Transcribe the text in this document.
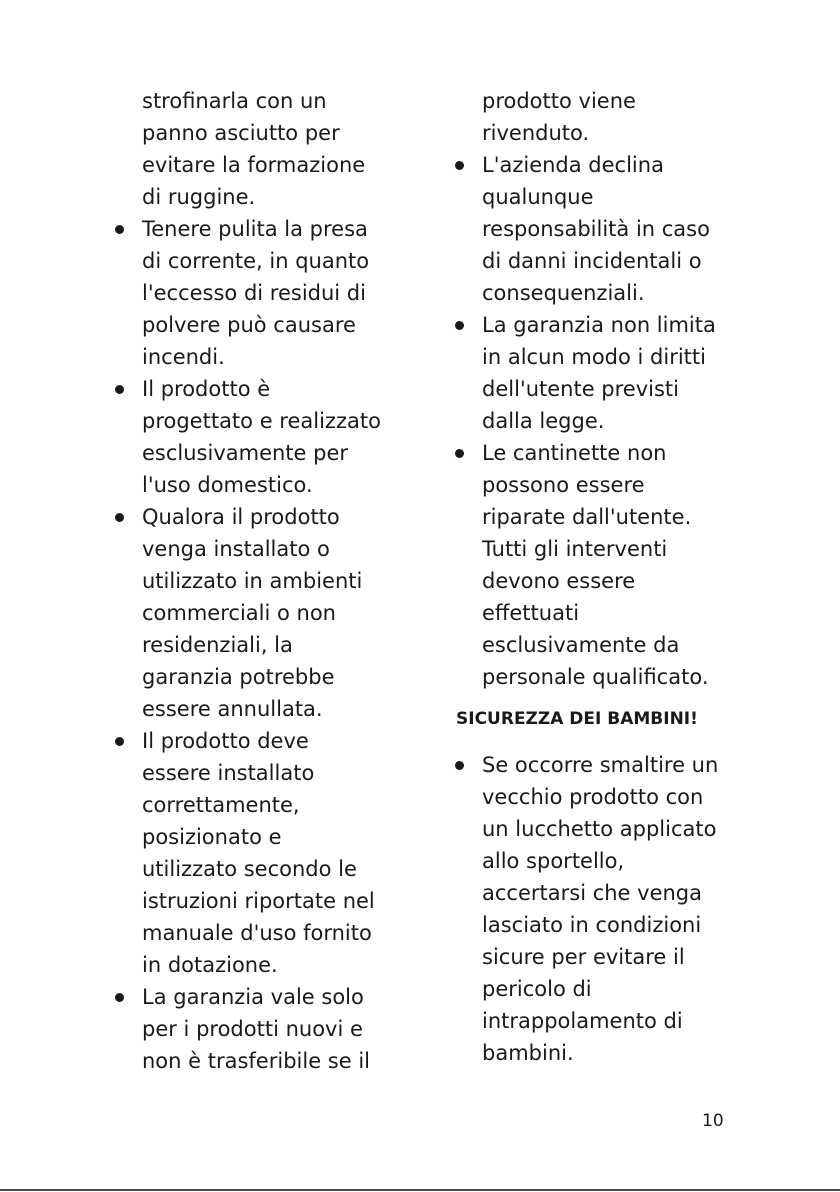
strofinarla con un
panno asciutto per
evitare la formazione
di ruggine.

Tenere pulita la presa
di corrente, in quanto
l'eccesso di residui di
polvere può causare
incendi.
Il prodotto è
progettato e realizzato
esclusivamente per
l'uso domestico.
Qualora il prodotto
venga installato o
utilizzato in ambienti
commerciali o non
residenziali, la
garanzia potrebbe
essere annullata.
Il prodotto deve
essere installato
correttamente,
posizionato e
utilizzato secondo le
istruzioni riportate nel
manuale d'uso fornito
in dotazione.
La garanzia vale solo
per i prodotti nuovi e
non è trasferibile se il

prodotto viene
rivenduto.

L'azienda declina
qualunque
responsabilità in caso
di danni incidentali o
consequenziali.
La garanzia non limita
in alcun modo i diritti
dell'utente previsti
dalla legge.
Le cantinette non
possono essere
riparate dall'utente.
Tutti gli interventi
devono essere
effettuati
esclusivamente da
personale qualificato.
SICUREZZA DEI BAMBINI!
Se occorre smaltire un
vecchio prodotto con
un lucchetto applicato
allo sportello,
accertarsi che venga
lasciato in condizioni
sicure per evitare il
pericolo di
intrappolamento di
bambini.
10
